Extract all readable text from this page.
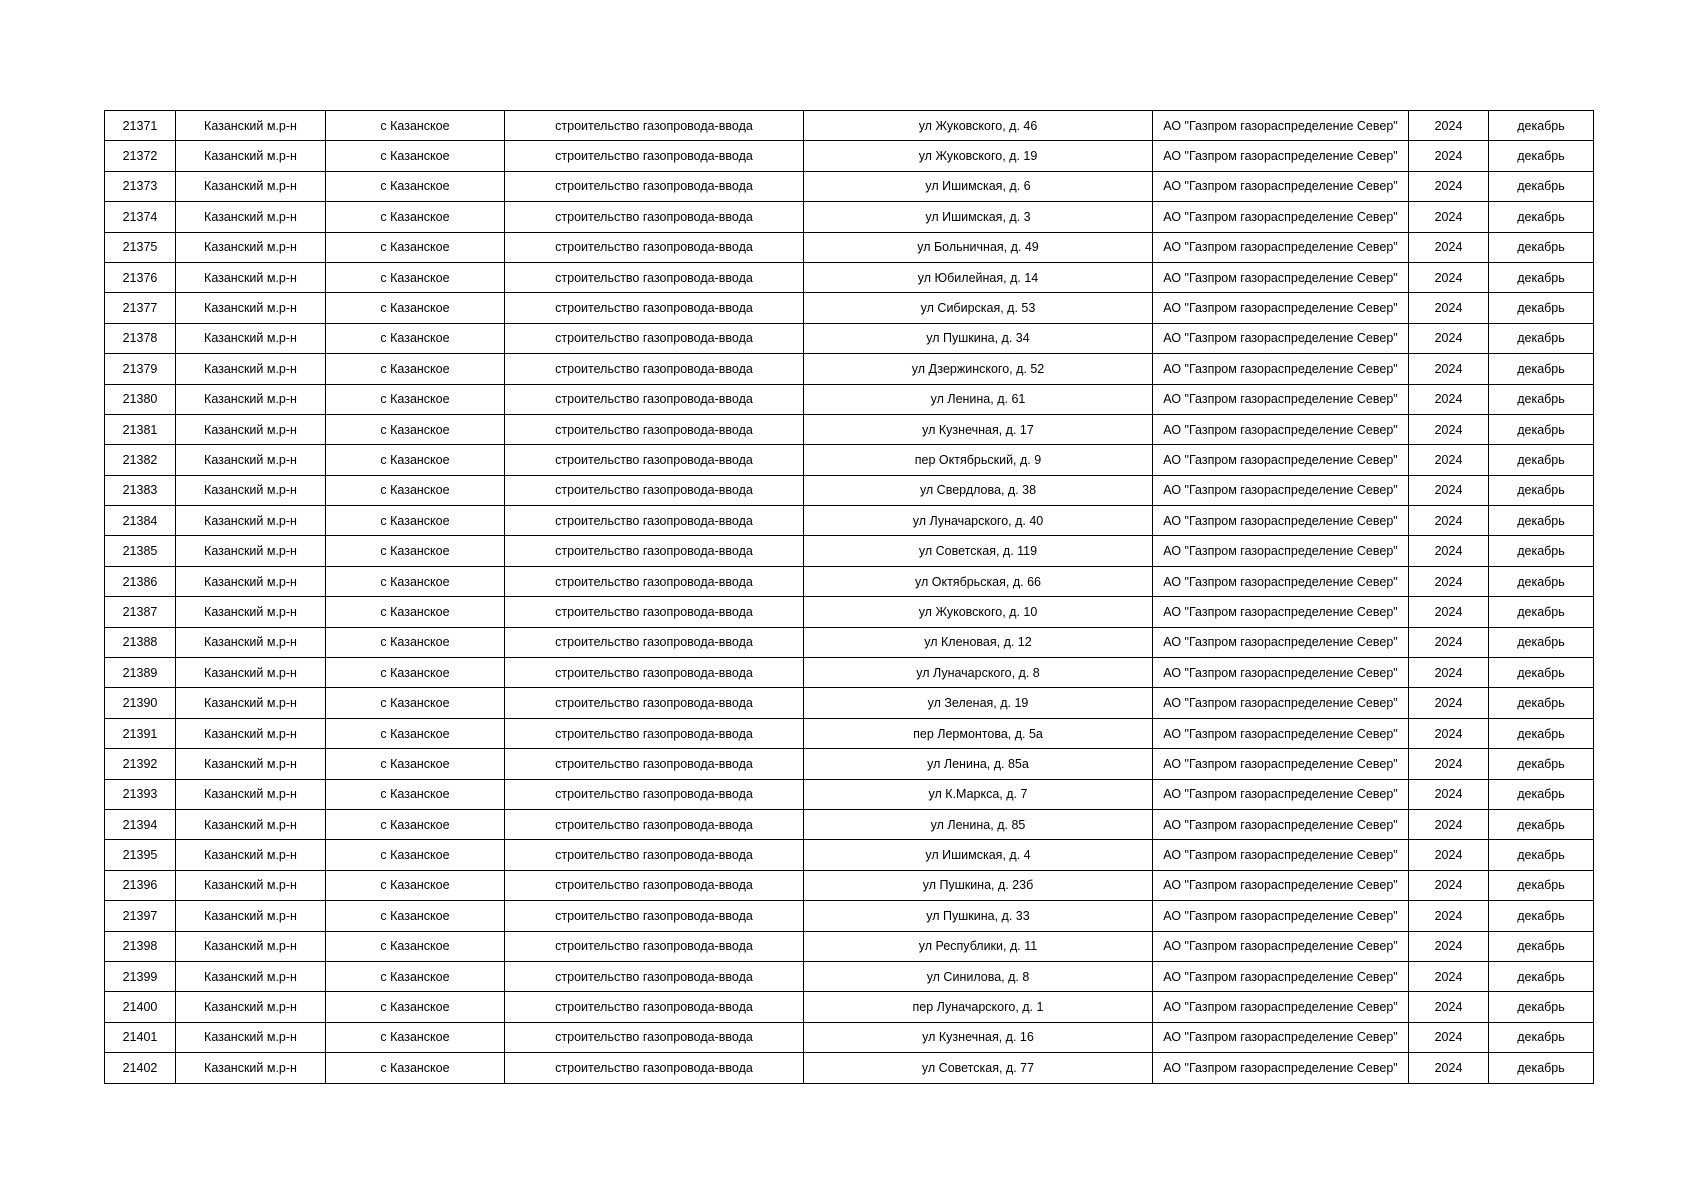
21371	Казанский м.р-н	с Казанское	строительство газопровода-ввода	ул Жуковского, д. 46	АО "Газпром газораспределение Север"	2024	декабрь
21372	Казанский м.р-н	с Казанское	строительство газопровода-ввода	ул Жуковского, д. 19	АО "Газпром газораспределение Север"	2024	декабрь
21373	Казанский м.р-н	с Казанское	строительство газопровода-ввода	ул Ишимская, д. 6	АО "Газпром газораспределение Север"	2024	декабрь
21374	Казанский м.р-н	с Казанское	строительство газопровода-ввода	ул Ишимская, д. 3	АО "Газпром газораспределение Север"	2024	декабрь
21375	Казанский м.р-н	с Казанское	строительство газопровода-ввода	ул Больничная, д. 49	АО "Газпром газораспределение Север"	2024	декабрь
21376	Казанский м.р-н	с Казанское	строительство газопровода-ввода	ул Юбилейная, д. 14	АО "Газпром газораспределение Север"	2024	декабрь
21377	Казанский м.р-н	с Казанское	строительство газопровода-ввода	ул Сибирская, д. 53	АО "Газпром газораспределение Север"	2024	декабрь
21378	Казанский м.р-н	с Казанское	строительство газопровода-ввода	ул Пушкина, д. 34	АО "Газпром газораспределение Север"	2024	декабрь
21379	Казанский м.р-н	с Казанское	строительство газопровода-ввода	ул Дзержинского, д. 52	АО "Газпром газораспределение Север"	2024	декабрь
21380	Казанский м.р-н	с Казанское	строительство газопровода-ввода	ул Ленина, д. 61	АО "Газпром газораспределение Север"	2024	декабрь
21381	Казанский м.р-н	с Казанское	строительство газопровода-ввода	ул Кузнечная, д. 17	АО "Газпром газораспределение Север"	2024	декабрь
21382	Казанский м.р-н	с Казанское	строительство газопровода-ввода	пер Октябрьский, д. 9	АО "Газпром газораспределение Север"	2024	декабрь
21383	Казанский м.р-н	с Казанское	строительство газопровода-ввода	ул Свердлова, д. 38	АО "Газпром газораспределение Север"	2024	декабрь
21384	Казанский м.р-н	с Казанское	строительство газопровода-ввода	ул Луначарского, д. 40	АО "Газпром газораспределение Север"	2024	декабрь
21385	Казанский м.р-н	с Казанское	строительство газопровода-ввода	ул Советская, д. 119	АО "Газпром газораспределение Север"	2024	декабрь
21386	Казанский м.р-н	с Казанское	строительство газопровода-ввода	ул Октябрьская, д. 66	АО "Газпром газораспределение Север"	2024	декабрь
21387	Казанский м.р-н	с Казанское	строительство газопровода-ввода	ул Жуковского, д. 10	АО "Газпром газораспределение Север"	2024	декабрь
21388	Казанский м.р-н	с Казанское	строительство газопровода-ввода	ул Кленовая, д. 12	АО "Газпром газораспределение Север"	2024	декабрь
21389	Казанский м.р-н	с Казанское	строительство газопровода-ввода	ул Луначарского, д. 8	АО "Газпром газораспределение Север"	2024	декабрь
21390	Казанский м.р-н	с Казанское	строительство газопровода-ввода	ул Зеленая, д. 19	АО "Газпром газораспределение Север"	2024	декабрь
21391	Казанский м.р-н	с Казанское	строительство газопровода-ввода	пер Лермонтова, д. 5а	АО "Газпром газораспределение Север"	2024	декабрь
21392	Казанский м.р-н	с Казанское	строительство газопровода-ввода	ул Ленина, д. 85а	АО "Газпром газораспределение Север"	2024	декабрь
21393	Казанский м.р-н	с Казанское	строительство газопровода-ввода	ул К.Маркса, д. 7	АО "Газпром газораспределение Север"	2024	декабрь
21394	Казанский м.р-н	с Казанское	строительство газопровода-ввода	ул Ленина, д. 85	АО "Газпром газораспределение Север"	2024	декабрь
21395	Казанский м.р-н	с Казанское	строительство газопровода-ввода	ул Ишимская, д. 4	АО "Газпром газораспределение Север"	2024	декабрь
21396	Казанский м.р-н	с Казанское	строительство газопровода-ввода	ул Пушкина, д. 23б	АО "Газпром газораспределение Север"	2024	декабрь
21397	Казанский м.р-н	с Казанское	строительство газопровода-ввода	ул Пушкина, д. 33	АО "Газпром газораспределение Север"	2024	декабрь
21398	Казанский м.р-н	с Казанское	строительство газопровода-ввода	ул Республики, д. 11	АО "Газпром газораспределение Север"	2024	декабрь
21399	Казанский м.р-н	с Казанское	строительство газопровода-ввода	ул Синилова, д. 8	АО "Газпром газораспределение Север"	2024	декабрь
21400	Казанский м.р-н	с Казанское	строительство газопровода-ввода	пер Луначарского, д. 1	АО "Газпром газораспределение Север"	2024	декабрь
21401	Казанский м.р-н	с Казанское	строительство газопровода-ввода	ул Кузнечная, д. 16	АО "Газпром газораспределение Север"	2024	декабрь
21402	Казанский м.р-н	с Казанское	строительство газопровода-ввода	ул Советская, д. 77	АО "Газпром газораспределение Север"	2024	декабрь
